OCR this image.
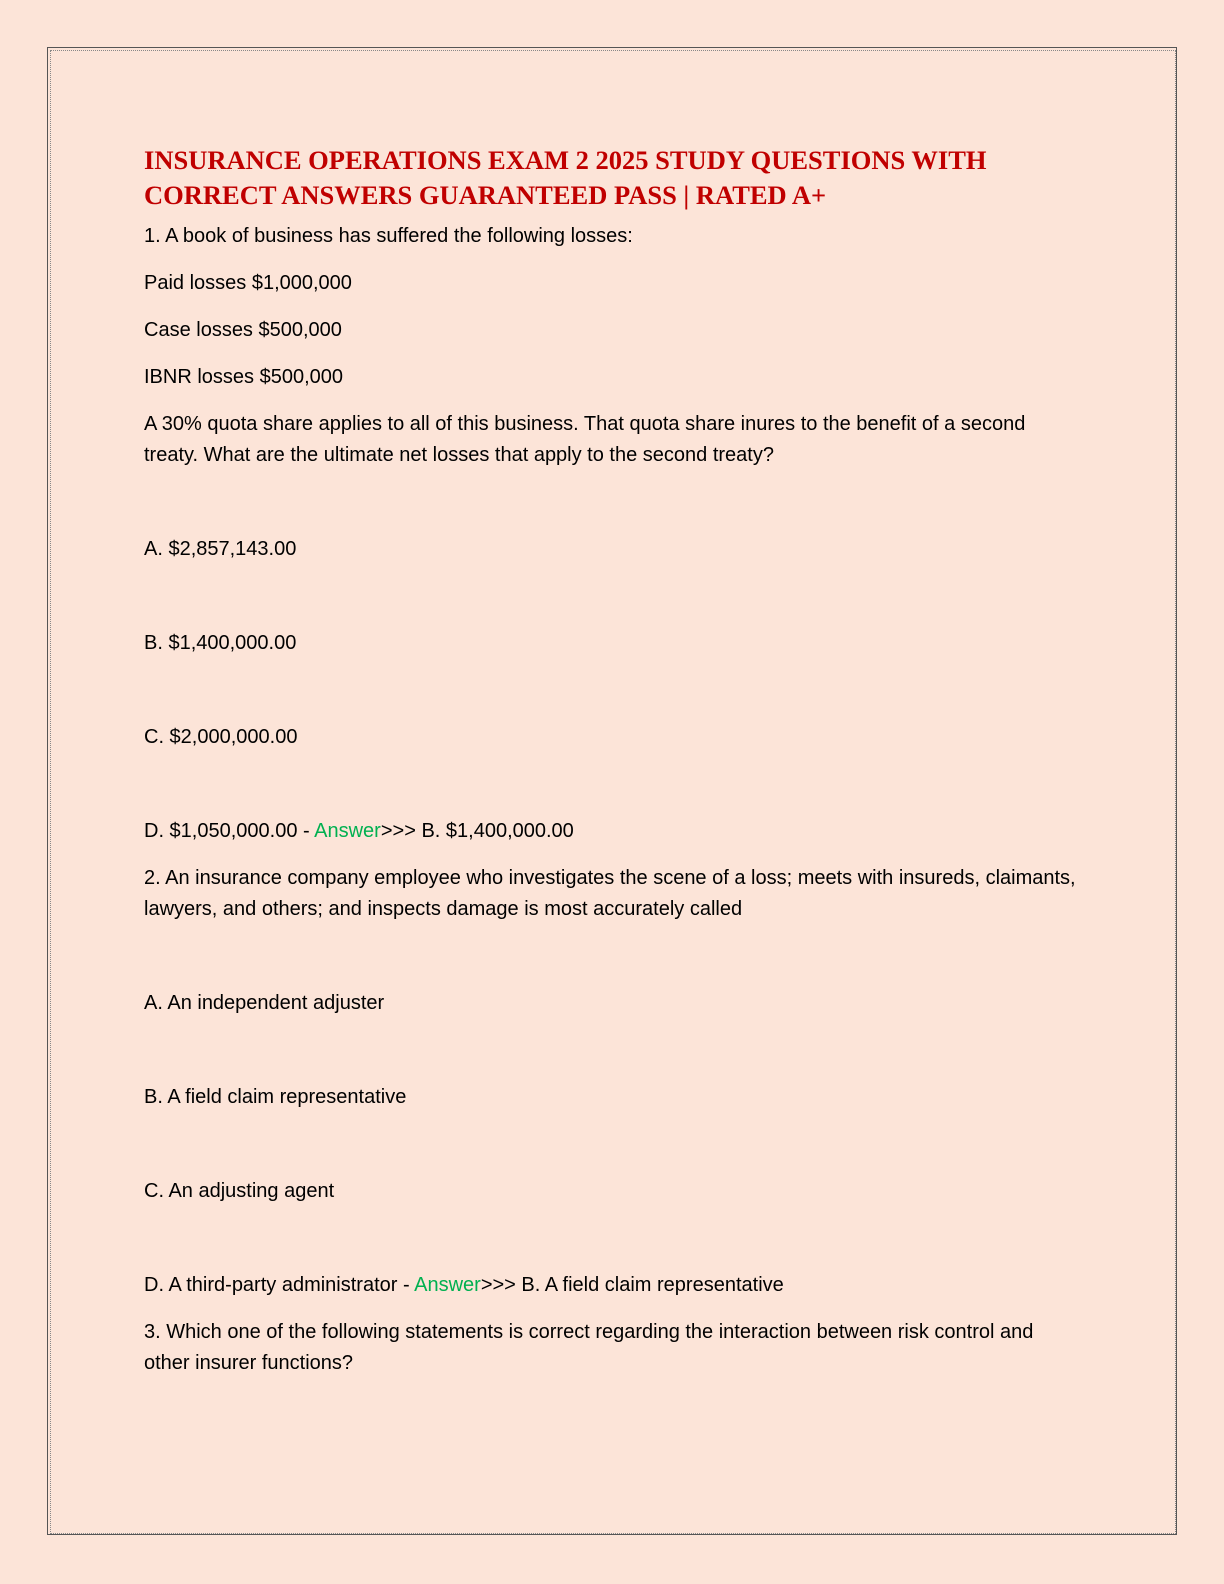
INSURANCE OPERATIONS EXAM 2 2025 STUDY QUESTIONS WITH CORRECT ANSWERS GUARANTEED PASS | RATED A+
1. A book of business has suffered the following losses:
Paid losses $1,000,000
Case losses $500,000
IBNR losses $500,000
A 30% quota share applies to all of this business. That quota share inures to the benefit of a second treaty. What are the ultimate net losses that apply to the second treaty?
A. $2,857,143.00
B. $1,400,000.00
C. $2,000,000.00
D. $1,050,000.00 - Answer>>> B. $1,400,000.00
2. An insurance company employee who investigates the scene of a loss; meets with insureds, claimants, lawyers, and others; and inspects damage is most accurately called
A. An independent adjuster
B. A field claim representative
C. An adjusting agent
D. A third-party administrator - Answer>>> B. A field claim representative
3. Which one of the following statements is correct regarding the interaction between risk control and other insurer functions?
